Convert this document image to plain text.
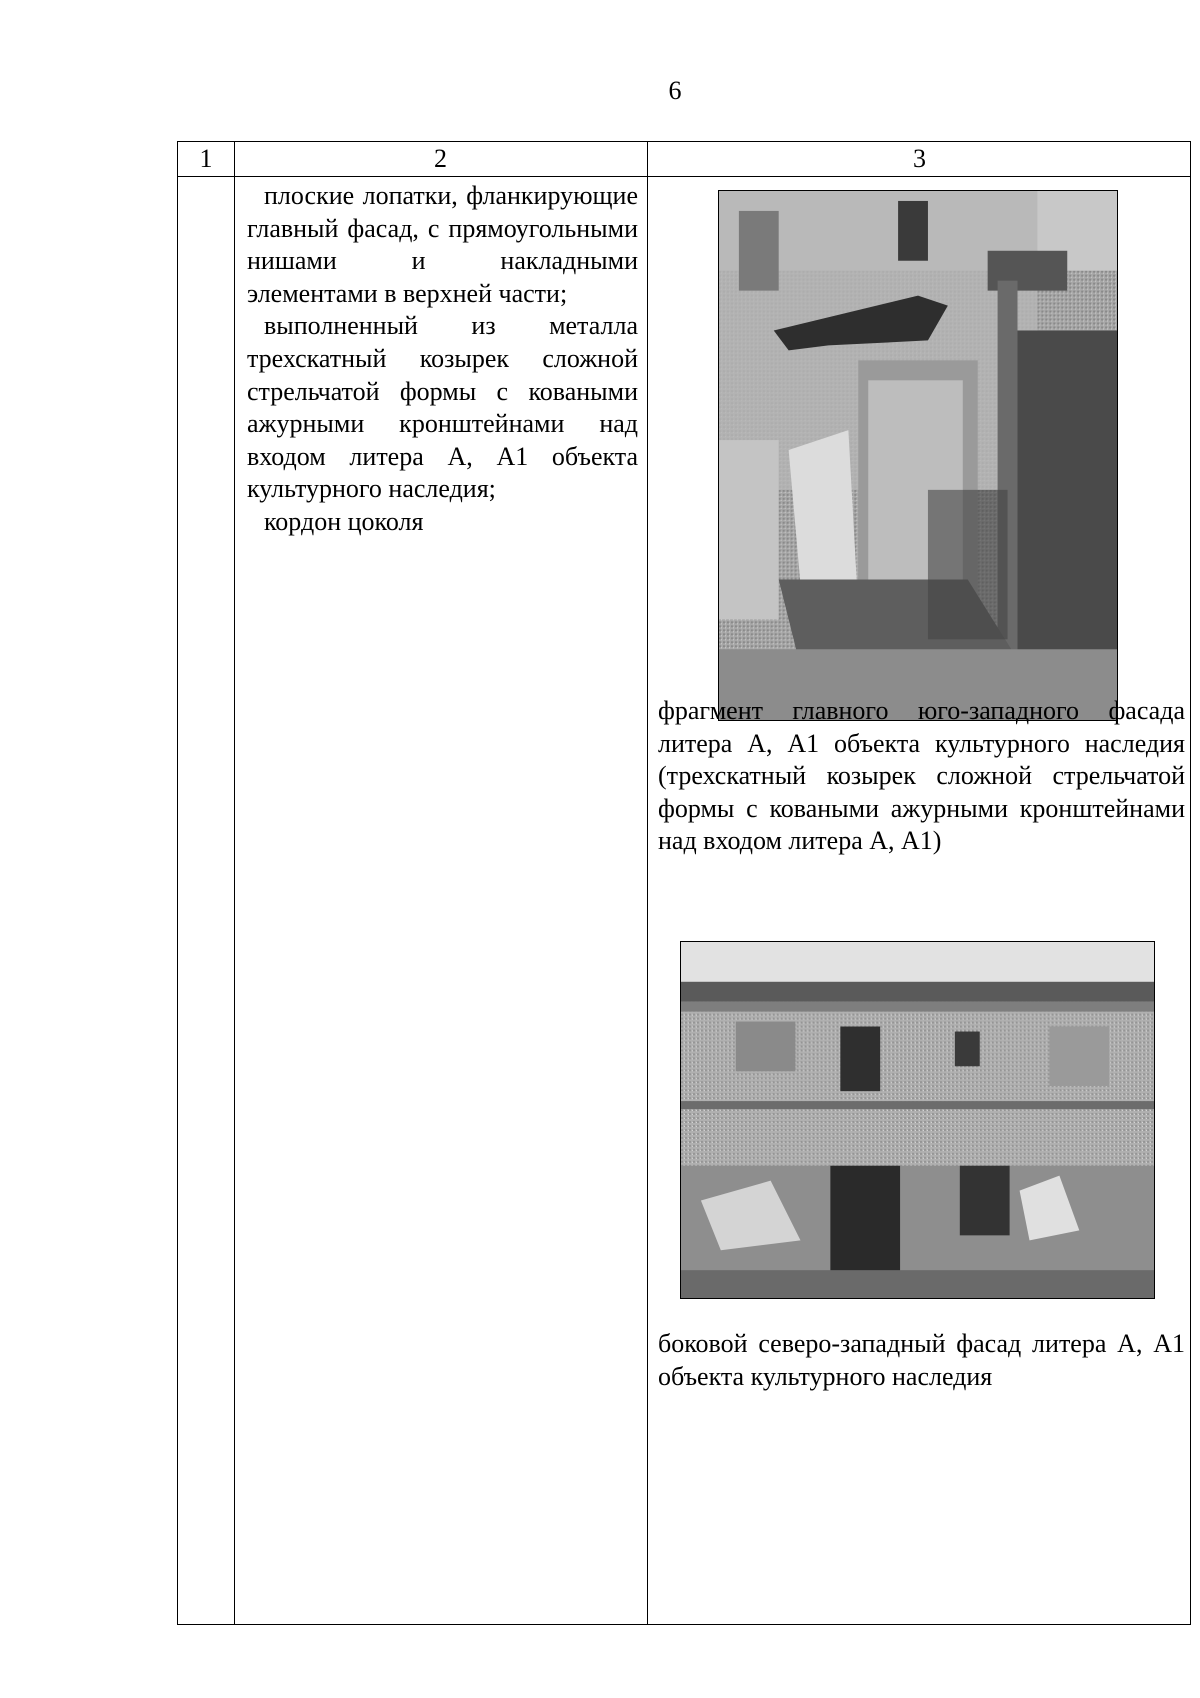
6
1	2	3

плоские лопатки, фланкирующие главный фасад, с прямоугольными нишами и накладными элементами в верхней части;

выполненный из металла трехскатный козырек сложной стрельчатой формы с коваными ажурными кронштейнами над входом литера А, А1 объекта культурного наследия;

кордон цоколя

фрагмент главного юго-западного фасада литера А, А1 объекта культурного наследия (трехскатный козырек сложной стрельчатой формы с коваными ажурными кронштейнами над входом литера А, А1)
боковой северо-западный фасад литера А, А1 объекта культурного наследия
